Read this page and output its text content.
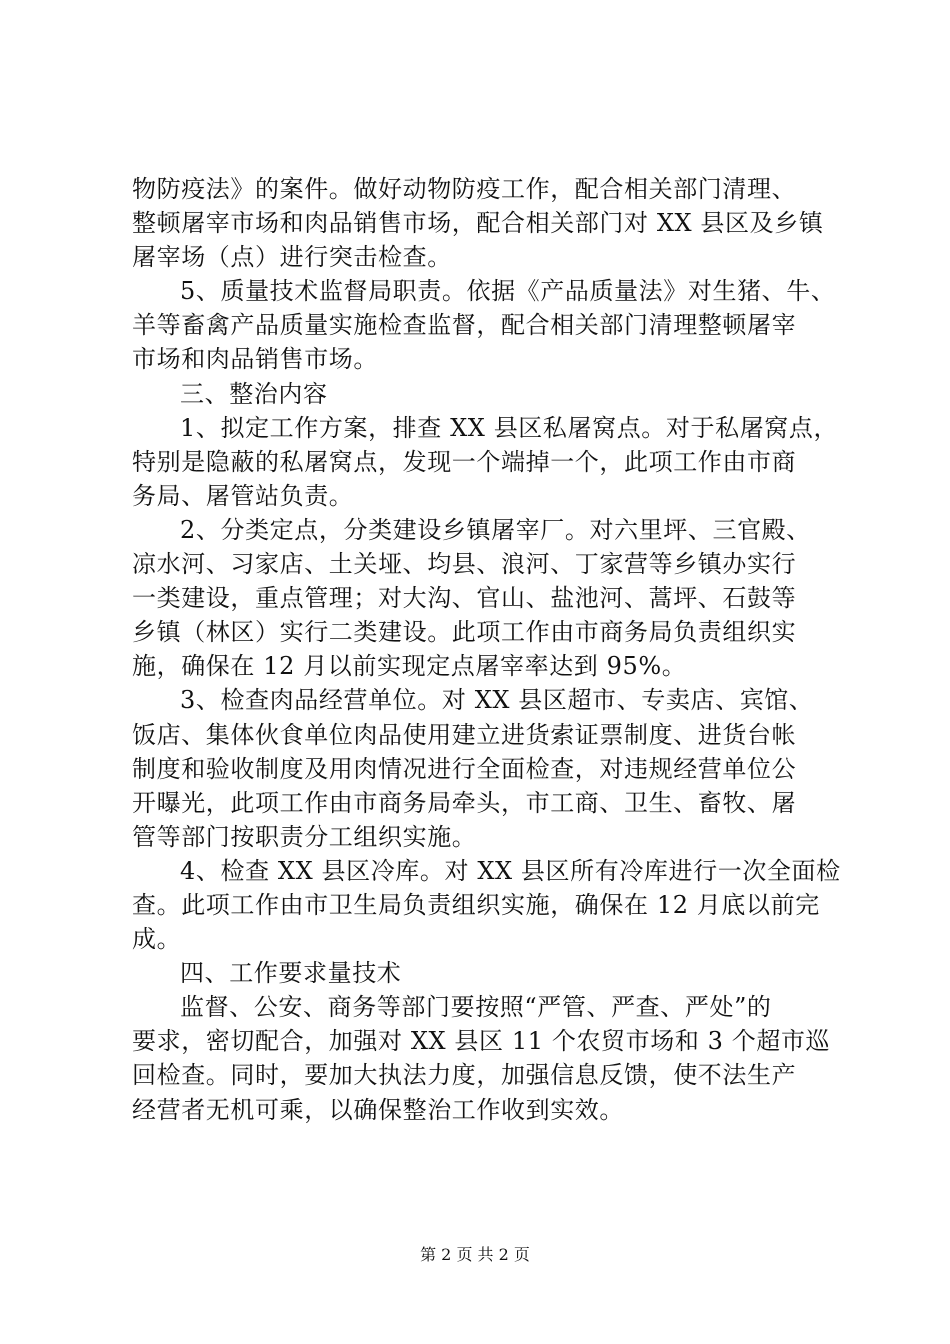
物防疫法》的案件。做好动物防疫工作，配合相关部门清理、
整顿屠宰市场和肉品销售市场，配合相关部门对 XX 县区及乡镇
屠宰场（点）进行突击检查。
5、质量技术监督局职责。依据《产品质量法》对生猪、牛、
羊等畜禽产品质量实施检查监督，配合相关部门清理整顿屠宰
市场和肉品销售市场。
三、整治内容
1、拟定工作方案，排查 XX 县区私屠窝点。对于私屠窝点，
特别是隐蔽的私屠窝点，发现一个端掉一个，此项工作由市商
务局、屠管站负责。
2、分类定点，分类建设乡镇屠宰厂。对六里坪、三官殿、
凉水河、习家店、土关垭、均县、浪河、丁家营等乡镇办实行
一类建设，重点管理；对大沟、官山、盐池河、蒿坪、石鼓等
乡镇（林区）实行二类建设。此项工作由市商务局负责组织实
施，确保在 12 月以前实现定点屠宰率达到 95%。
3、检查肉品经营单位。对 XX 县区超市、专卖店、宾馆、
饭店、集体伙食单位肉品使用建立进货索证票制度、进货台帐
制度和验收制度及用肉情况进行全面检查，对违规经营单位公
开曝光，此项工作由市商务局牵头，市工商、卫生、畜牧、屠
管等部门按职责分工组织实施。
4、检查 XX 县区冷库。对 XX 县区所有冷库进行一次全面检
查。此项工作由市卫生局负责组织实施，确保在 12 月底以前完
成。
四、工作要求量技术
监督、公安、商务等部门要按照“严管、严查、严处”的
要求，密切配合，加强对 XX 县区 11 个农贸市场和 3 个超市巡
回检查。同时，要加大执法力度，加强信息反馈，使不法生产
经营者无机可乘，以确保整治工作收到实效。
第 2 页 共 2 页
